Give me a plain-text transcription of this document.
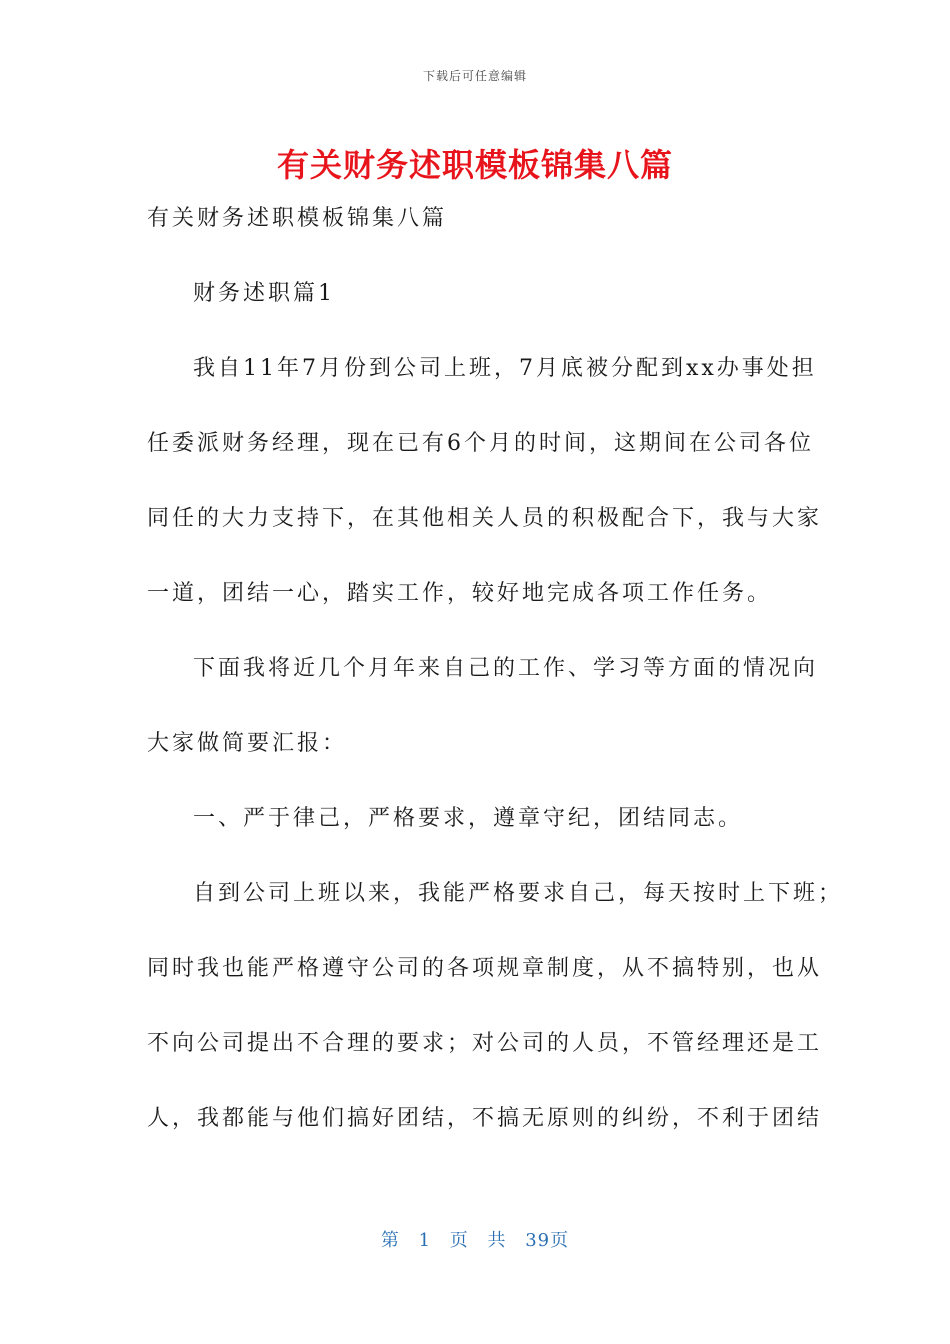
下载后可任意编辑
有关财务述职模板锦集八篇

有关财务述职模板锦集八篇

财务述职篇1

我自11年7月份到公司上班，7月底被分配到xx办事处担

任委派财务经理，现在已有6个月的时间，这期间在公司各位

同任的大力支持下，在其他相关人员的积极配合下，我与大家

一道，团结一心，踏实工作，较好地完成各项工作任务。

下面我将近几个月年来自己的工作、学习等方面的情况向

大家做简要汇报：

一、严于律己，严格要求，遵章守纪，团结同志。

自到公司上班以来，我能严格要求自己，每天按时上下班；

同时我也能严格遵守公司的各项规章制度，从不搞特别，也从

不向公司提出不合理的要求；对公司的人员，不管经理还是工

人，我都能与他们搞好团结，不搞无原则的纠纷，不利于团结

第 1 页 共 39页
